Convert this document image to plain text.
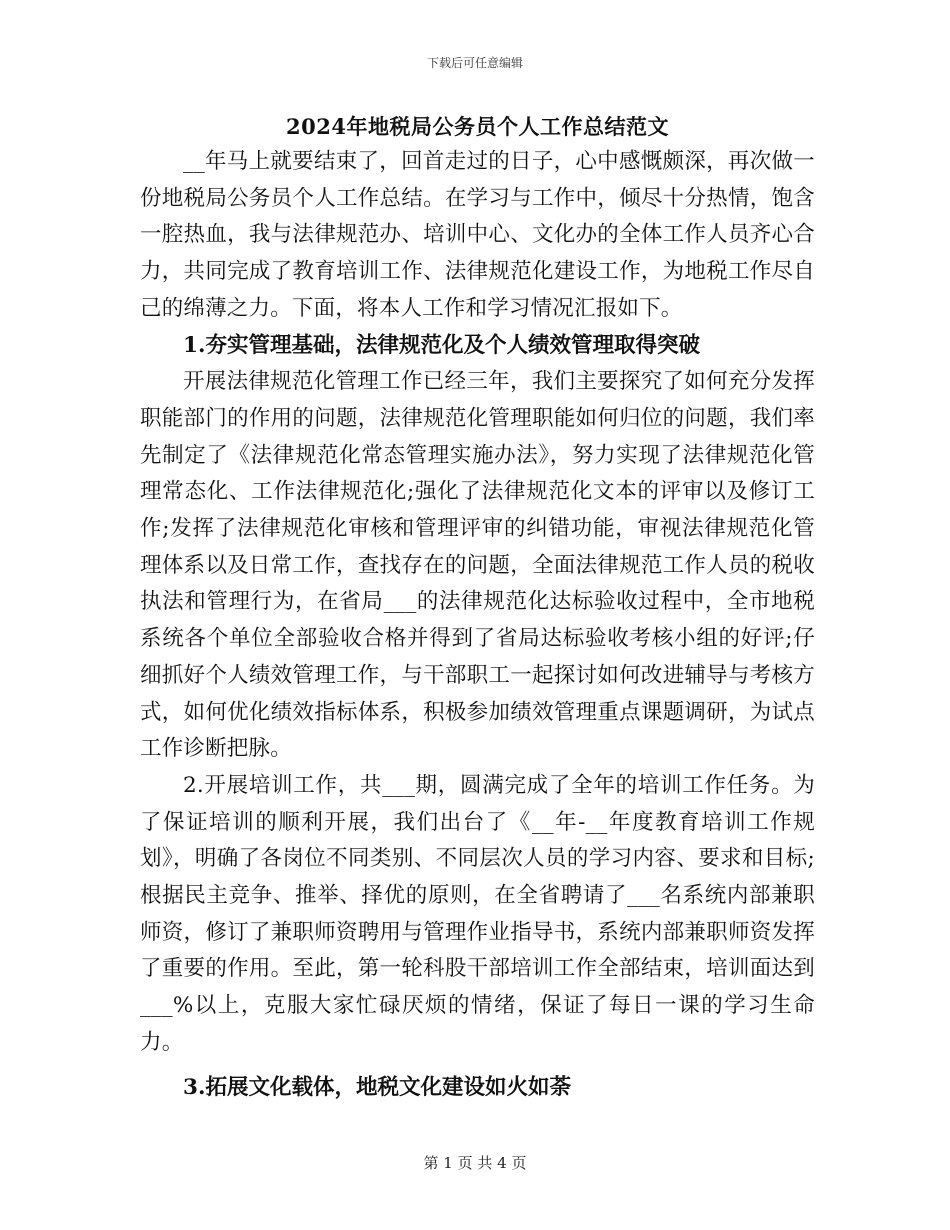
下载后可任意编辑
2024年地税局公务员个人工作总结范文

__年马上就要结束了，回首走过的日子，心中感慨颇深，再次做一份地税局公务员个人工作总结。在学习与工作中，倾尽十分热情，饱含一腔热血，我与法律规范办、培训中心、文化办的全体工作人员齐心合力，共同完成了教育培训工作、法律规范化建设工作，为地税工作尽自己的绵薄之力。下面，将本人工作和学习情况汇报如下。

1.夯实管理基础，法律规范化及个人绩效管理取得突破

开展法律规范化管理工作已经三年，我们主要探究了如何充分发挥职能部门的作用的问题，法律规范化管理职能如何归位的问题，我们率先制定了《法律规范化常态管理实施办法》，努力实现了法律规范化管理常态化、工作法律规范化;强化了法律规范化文本的评审以及修订工作;发挥了法律规范化审核和管理评审的纠错功能，审视法律规范化管理体系以及日常工作，查找存在的问题，全面法律规范工作人员的税收执法和管理行为，在省局___的法律规范化达标验收过程中，全市地税系统各个单位全部验收合格并得到了省局达标验收考核小组的好评;仔细抓好个人绩效管理工作，与干部职工一起探讨如何改进辅导与考核方式，如何优化绩效指标体系，积极参加绩效管理重点课题调研，为试点工作诊断把脉。

2.开展培训工作，共___期，圆满完成了全年的培训工作任务。为了保证培训的顺利开展，我们出台了《__年-__年度教育培训工作规划》，明确了各岗位不同类别、不同层次人员的学习内容、要求和目标;根据民主竞争、推举、择优的原则，在全省聘请了___名系统内部兼职师资，修订了兼职师资聘用与管理作业指导书，系统内部兼职师资发挥了重要的作用。至此，第一轮科股干部培训工作全部结束，培训面达到___%以上，克服大家忙碌厌烦的情绪，保证了每日一课的学习生命力。

3.拓展文化载体，地税文化建设如火如荼

第 1 页 共 4 页
